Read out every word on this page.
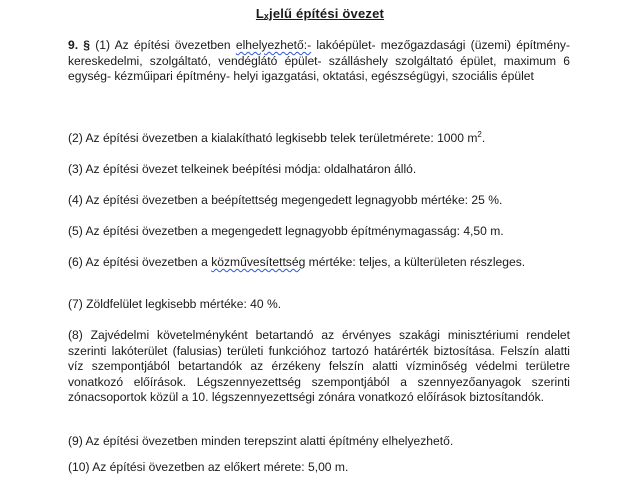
Lₓjelű építési övezet

9. § (1) Az építési övezetben elhelyezhető:- lakóépület- mezőgazdasági (üzemi) építmény- kereskedelmi, szolgáltató, vendéglátó épület- szálláshely szolgáltató épület, maximum 6 egység- kézműipari építmény- helyi igazgatási, oktatási, egészségügyi, szociális épület

(2) Az építési övezetben a kialakítható legkisebb telek területmérete: 1000 $m^2$.

(3) Az építési övezet telkeinek beépítési módja: oldalhatáron álló.

(4) Az építési övezetben a beépítettség megengedett legnagyobb mértéke: 25 %.

(5) Az építési övezetben a megengedett legnagyobb építménymagasság: 4,50 m.

(6) Az építési övezetben a közművesítettség mértéke: teljes, a külterületen részleges.

(7) Zöldfelület legkisebb mértéke: 40 %.

(8) Zajvédelmi követelményként betartandó az érvényes szakági minisztériumi rendelet szerinti lakóterület (falusias) területi funkcióhoz tartozó határérték biztosítása. Felszín alatti víz szempontjából betartandók az érzékeny felszín alatti vízminőség védelmi területre vonatkozó előírások. Légszennyezettség szempontjából a szennyezőanyagok szerinti zónacsoportok közül a 10. légszennyezettségi zónára vonatkozó előírások biztosítandók.

(9) Az építési övezetben minden terepszint alatti építmény elhelyezhető.

(10) Az építési övezetben az előkert mérete: 5,00 m.
